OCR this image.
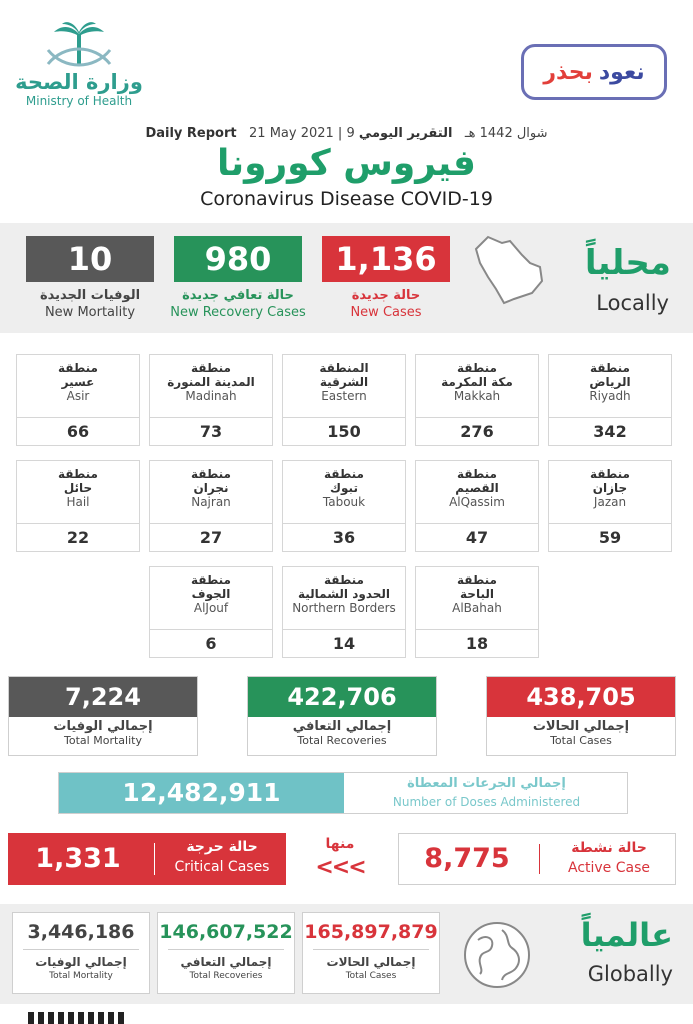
وزارة الصحة
Ministry of Health
بحذر نعود
Daily Report 21 May 2021 | 9 شوال 1442 هـ   التقرير اليومي
فيروس كورونا
Coronavirus Disease COVID-19
10
الوفيات الجديدة
New Mortality
980
حالة تعافي جديدة
New Recovery Cases
1,136
حالة جديدة
New Cases
محلياً
Locally
منطقة
الرياض
Riyadh
342
منطقة
مكة المكرمة
Makkah
276
المنطقة
الشرقية
Eastern
150
منطقة
المدينة المنورة
Madinah
73
منطقة
عسير
Asir
66
منطقة
جازان
Jazan
59
منطقة
القصيم
AlQassim
47
منطقة
تبوك
Tabouk
36
منطقة
نجران
Najran
27
منطقة
حائل
Hail
22
منطقة
الباحة
AlBahah
18
منطقة
الحدود الشمالية
Northern Borders
14
منطقة
الجوف
AlJouf
6
7,224
إجمالي الوفيات
Total Mortality
422,706
إجمالي التعافي
Total Recoveries
438,705
إجمالي الحالات
Total Cases
12,482,911	إجمالي الجرعات المعطاة
Number of Doses Administered
1,331	حالة حرجة
Critical Cases
منها
<<<	8,775	حالة نشطة
Active Case
3,446,186
إجمالي الوفيات
Total Mortality
146,607,522
إجمالي التعافي
Total Recoveries
165,897,879
إجمالي الحالات
Total Cases
عالمياً
Globally
